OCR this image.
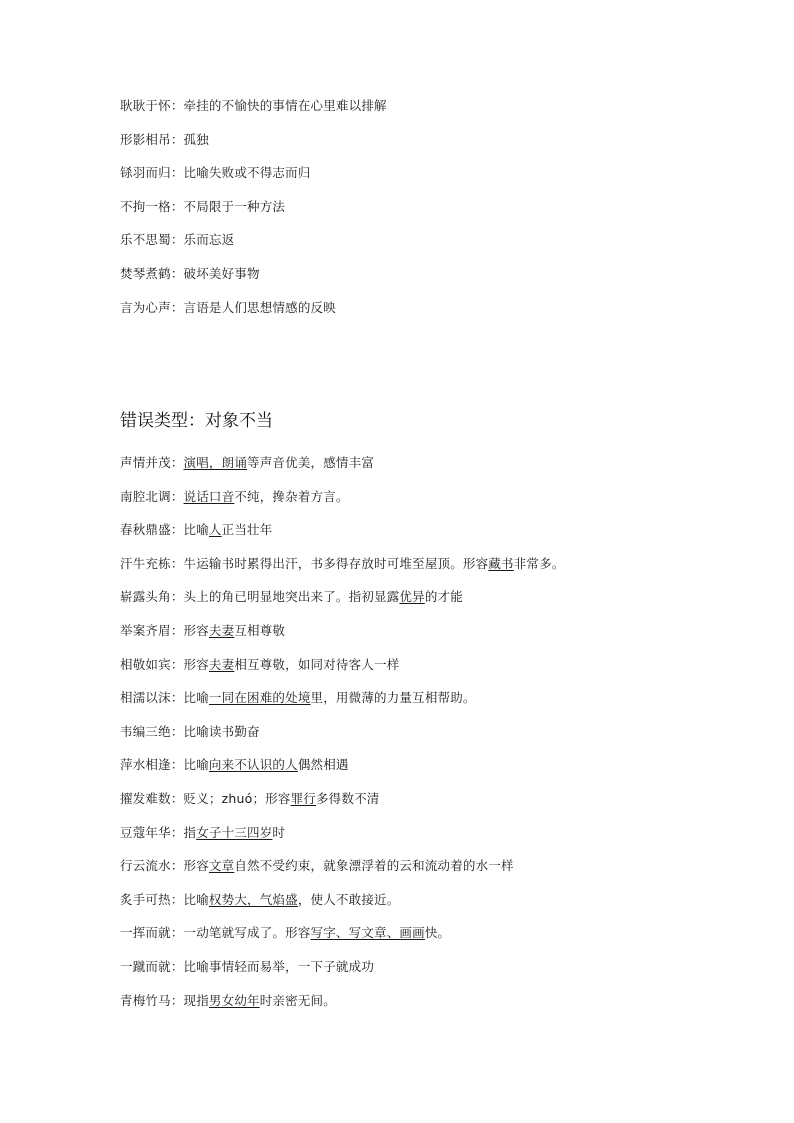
耿耿于怀：牵挂的不愉快的事情在心里难以排解
形影相吊：孤独
铩羽而归：比喻失败或不得志而归
不拘一格：不局限于一种方法
乐不思蜀：乐而忘返
焚琴煮鹤：破坏美好事物
言为心声：言语是人们思想情感的反映
错误类型：对象不当
声情并茂：演唱，朗诵等声音优美，感情丰富
南腔北调：说话口音不纯，搀杂着方言。
春秋鼎盛：比喻人正当壮年
汗牛充栋：牛运输书时累得出汗，书多得存放时可堆至屋顶。形容藏书非常多。
崭露头角：头上的角已明显地突出来了。指初显露优异的才能
举案齐眉：形容夫妻互相尊敬
相敬如宾：形容夫妻相互尊敬，如同对待客人一样
相濡以沫：比喻一同在困难的处境里，用微薄的力量互相帮助。
韦编三绝：比喻读书勤奋
萍水相逢：比喻向来不认识的人偶然相遇
擢发难数：贬义；zhuó；形容罪行多得数不清
豆蔻年华：指女子十三四岁时
行云流水：形容文章自然不受约束，就象漂浮着的云和流动着的水一样
炙手可热：比喻权势大，气焰盛，使人不敢接近。
一挥而就：一动笔就写成了。形容写字、写文章、画画快。
一蹴而就：比喻事情轻而易举，一下子就成功
青梅竹马：现指男女幼年时亲密无间。
